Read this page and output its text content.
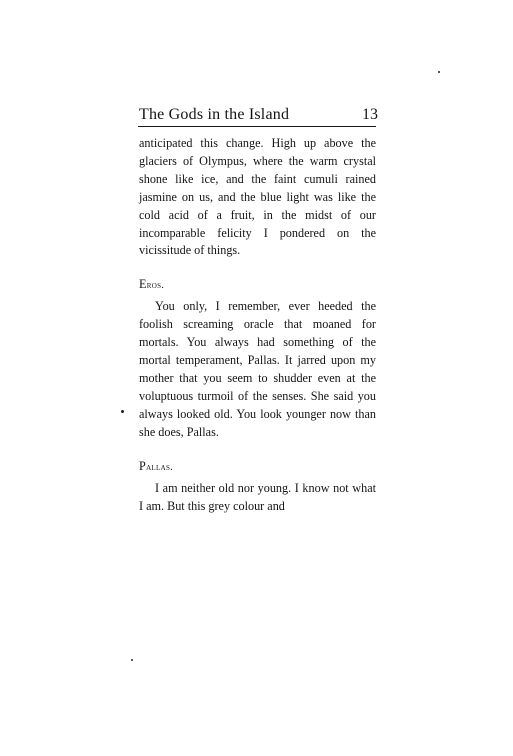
The Gods in the Island	13

anticipated this change. High up above the glaciers of Olympus, where the warm crystal shone like ice, and the faint cumuli rained jasmine on us, and the blue light was like the cold acid of a fruit, in the midst of our incomparable felicity I pondered on the vicissitude of things.

Eros.

You only, I remember, ever heeded the foolish screaming oracle that moaned for mortals. You always had something of the mortal temperament, Pallas. It jarred upon my mother that you seem to shudder even at the voluptuous turmoil of the senses. She said you always looked old. You look younger now than she does, Pallas.

Pallas.

I am neither old nor young. I know not what I am. But this grey colour and
